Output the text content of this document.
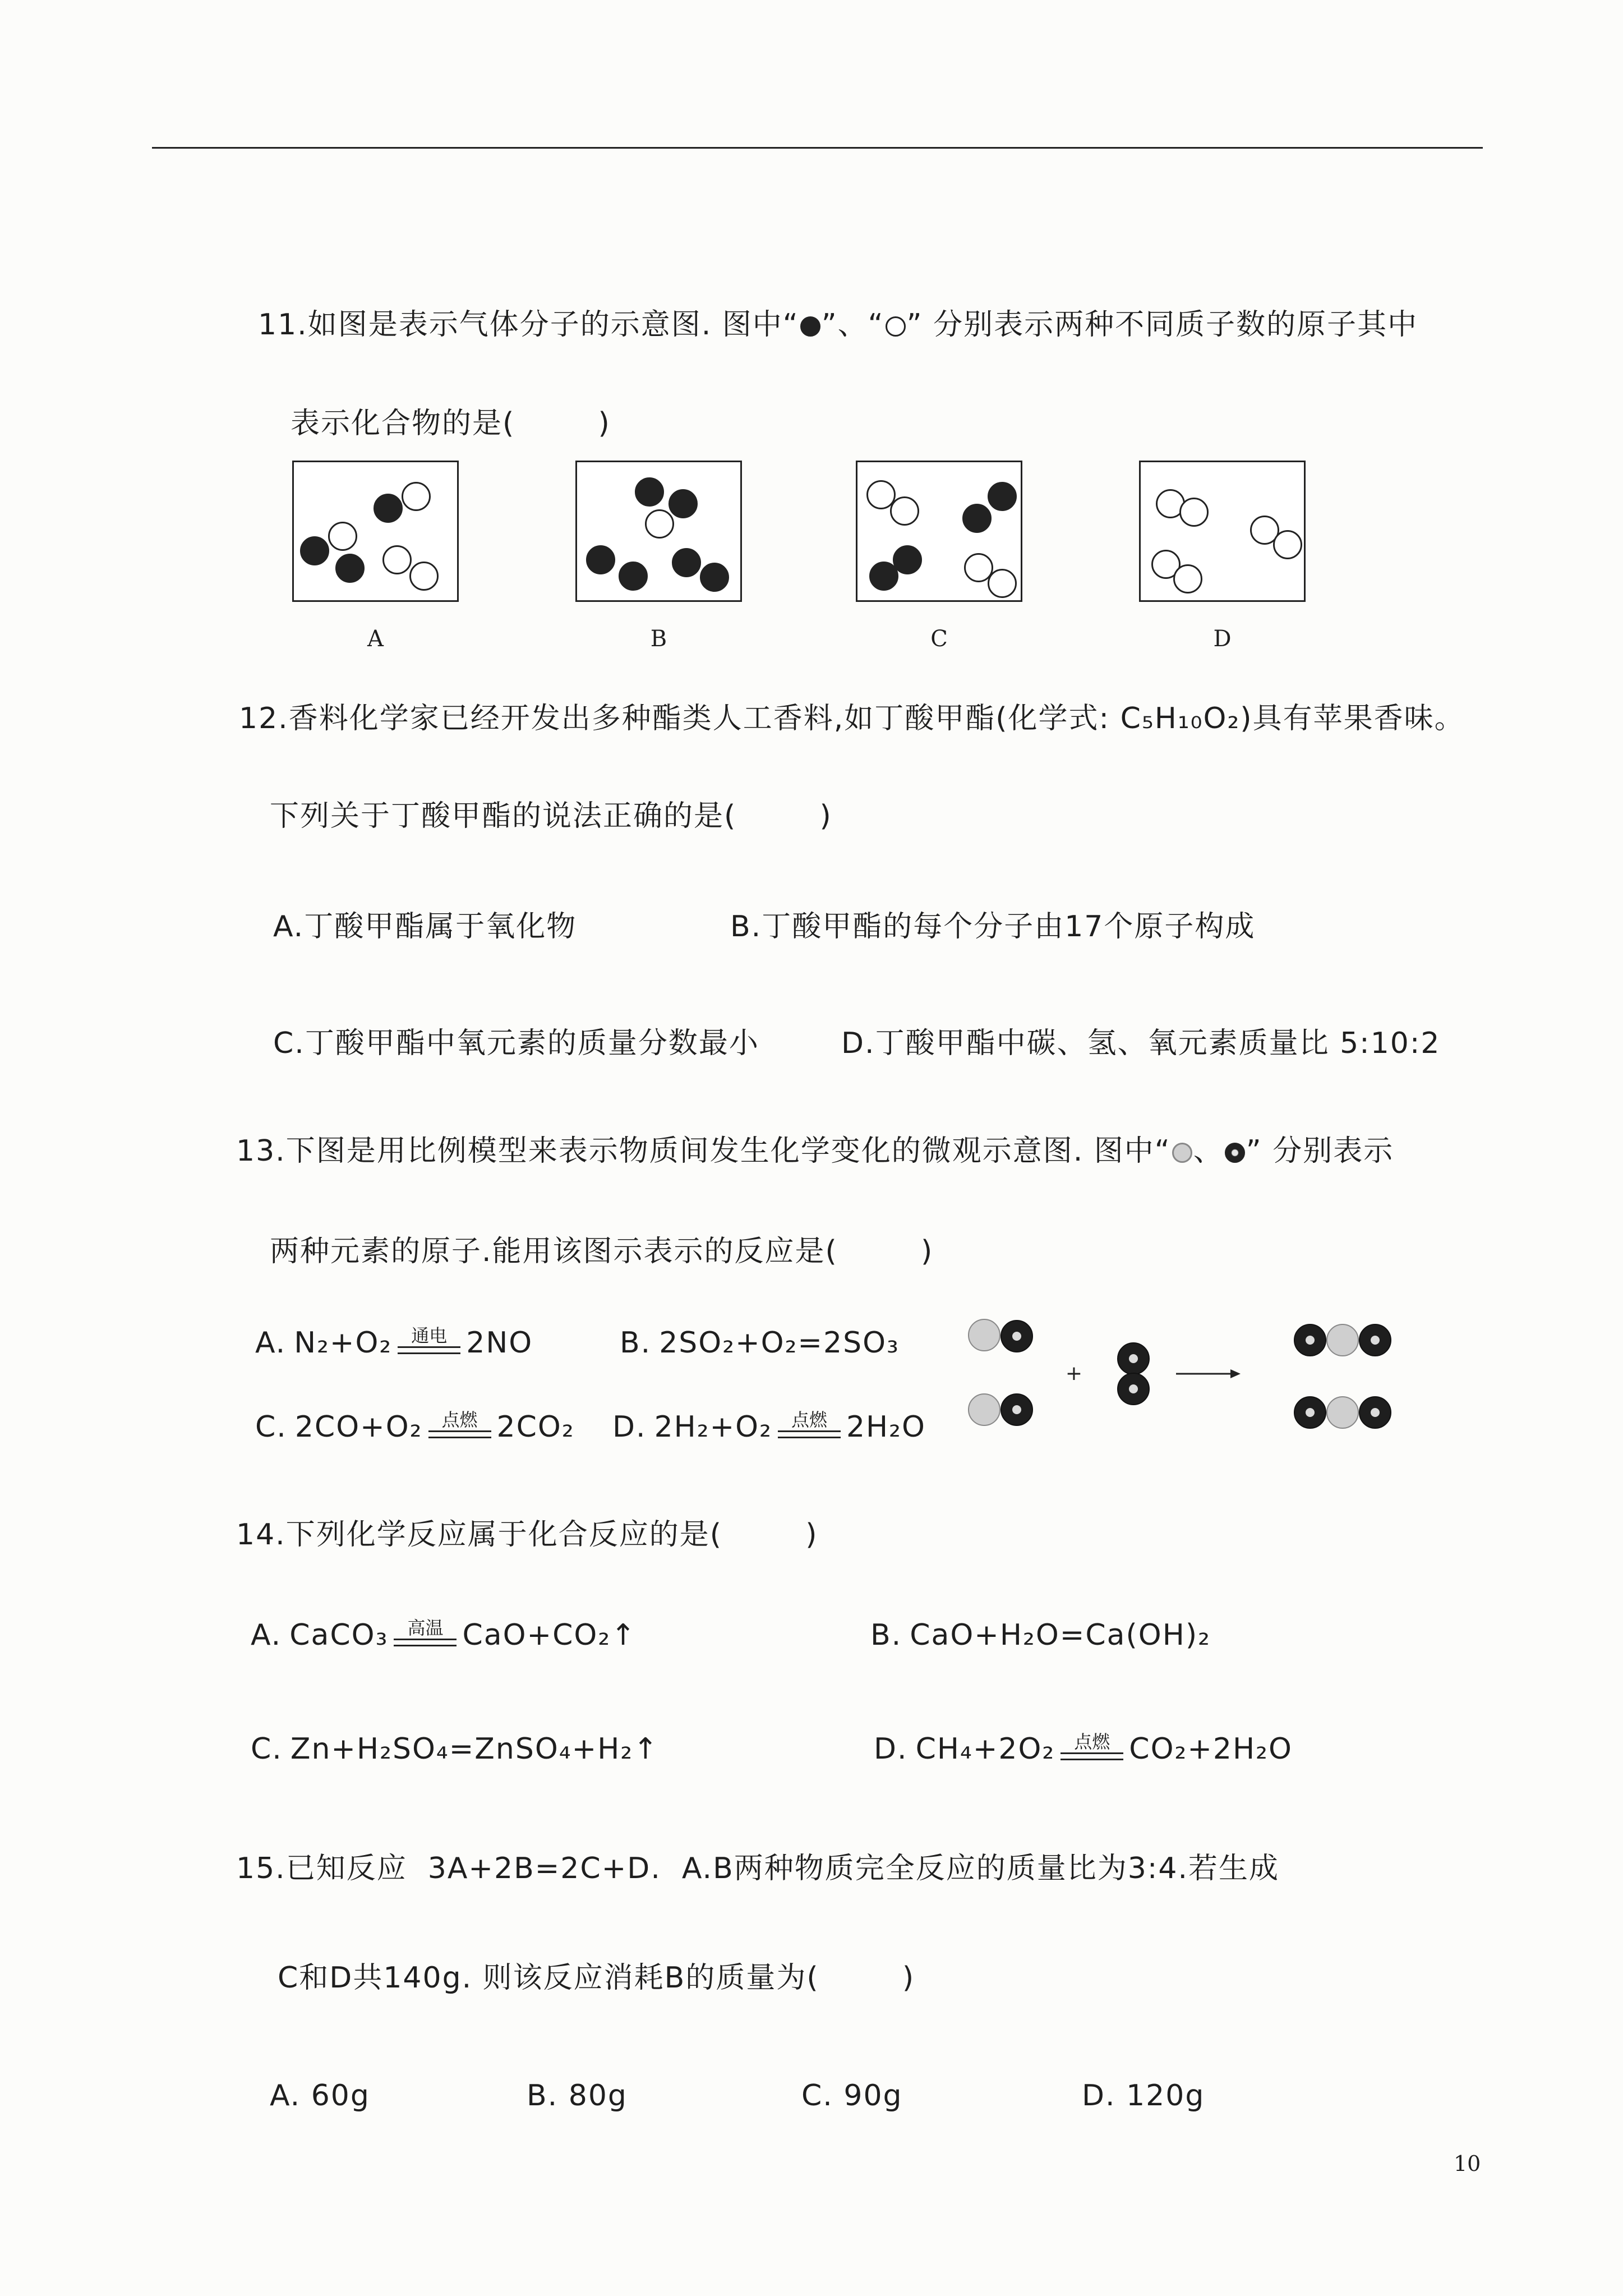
11.如图是表示气体分子的示意图. 图中“ ”、“ ” 分别表示两种不同质子数的原子其中
表示化合物的是(        )
A	B	C	D
12.香料化学家已经开发出多种酯类人工香料,如丁酸甲酯(化学式: C₅H₁₀O₂)具有苹果香味。
下列关于丁酸甲酯的说法正确的是(        )
A.丁酸甲酯属于氧化物	B.丁酸甲酯的每个分子由17个原子构成
C.丁酸甲酯中氧元素的质量分数最小	D.丁酸甲酯中碳、氢、氧元素质量比 5:10:2
13.下图是用比例模型来表示物质间发生化学变化的微观示意图. 图中“ 、 ” 分别表示
两种元素的原子.能用该图示表示的反应是(        )
A. N₂+O₂ 通电 2NO	B. 2SO₂+O₂=2SO₃
C. 2CO+O₂ 点燃 2CO₂ D. 2H₂+O₂ 点燃 2H₂O
+
14.下列化学反应属于化合反应的是(        )
A. CaCO₃ 高温 CaO+CO₂↑	B. CaO+H₂O=Ca(OH)₂
C. Zn+H₂SO₄=ZnSO₄+H₂↑	D. CH₄+2O₂ 点燃 CO₂+2H₂O
15.已知反应  3A+2B=2C+D.  A.B两种物质完全反应的质量比为3:4.若生成
C和D共140g. 则该反应消耗B的质量为(        )
A. 60g	B. 80g	C. 90g	D. 120g
10
